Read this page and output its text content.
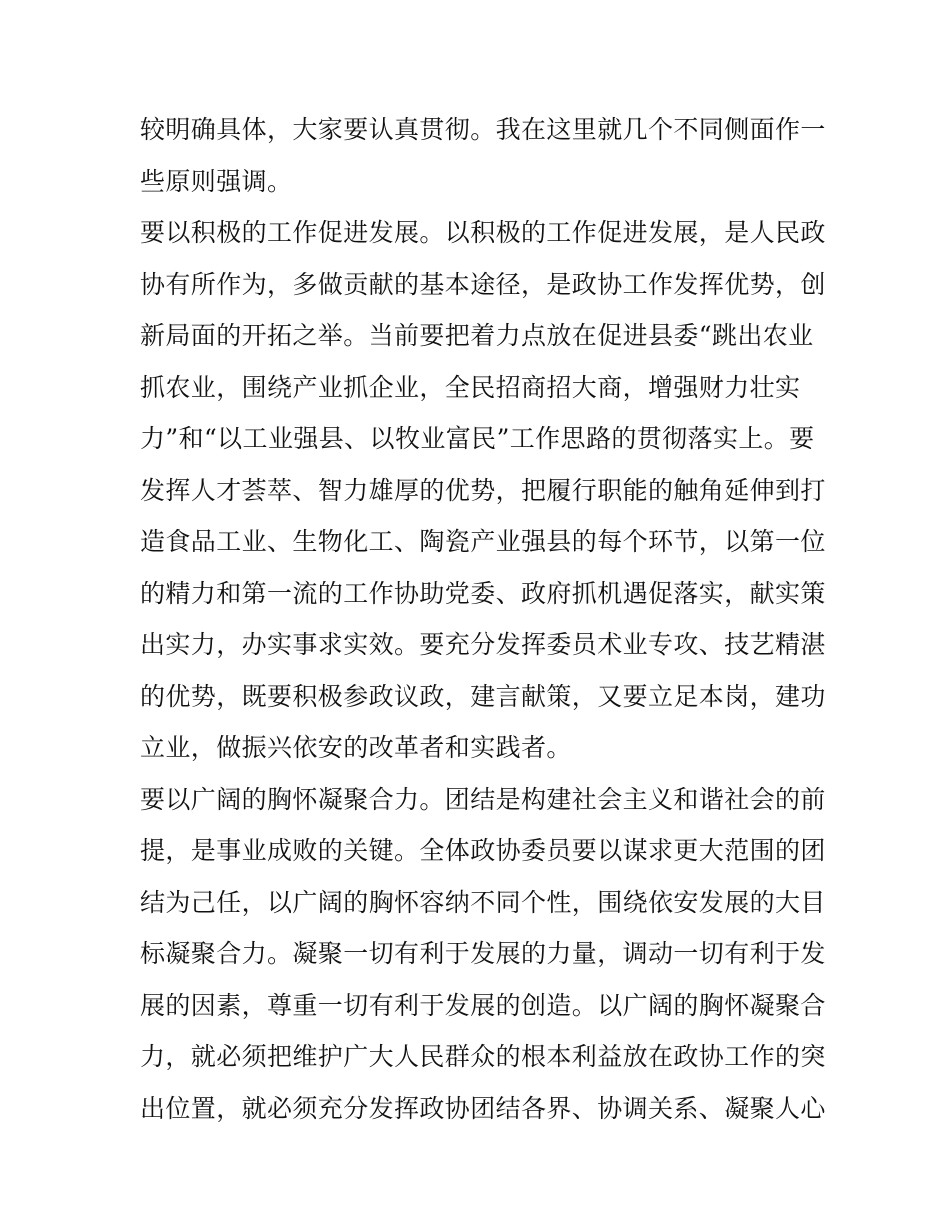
较明确具体，大家要认真贯彻。我在这里就几个不同侧面作一
些原则强调。
要以积极的工作促进发展。以积极的工作促进发展，是人民政
协有所作为，多做贡献的基本途径，是政协工作发挥优势，创
新局面的开拓之举。当前要把着力点放在促进县委“跳出农业
抓农业，围绕产业抓企业，全民招商招大商，增强财力壮实
力”和“以工业强县、以牧业富民”工作思路的贯彻落实上。要
发挥人才荟萃、智力雄厚的优势，把履行职能的触角延伸到打
造食品工业、生物化工、陶瓷产业强县的每个环节，以第一位
的精力和第一流的工作协助党委、政府抓机遇促落实，献实策
出实力，办实事求实效。要充分发挥委员术业专攻、技艺精湛
的优势，既要积极参政议政，建言献策，又要立足本岗，建功
立业，做振兴依安的改革者和实践者。
要以广阔的胸怀凝聚合力。团结是构建社会主义和谐社会的前
提，是事业成败的关键。全体政协委员要以谋求更大范围的团
结为己任，以广阔的胸怀容纳不同个性，围绕依安发展的大目
标凝聚合力。凝聚一切有利于发展的力量，调动一切有利于发
展的因素，尊重一切有利于发展的创造。以广阔的胸怀凝聚合
力，就必须把维护广大人民群众的根本利益放在政协工作的突
出位置，就必须充分发挥政协团结各界、协调关系、凝聚人心
